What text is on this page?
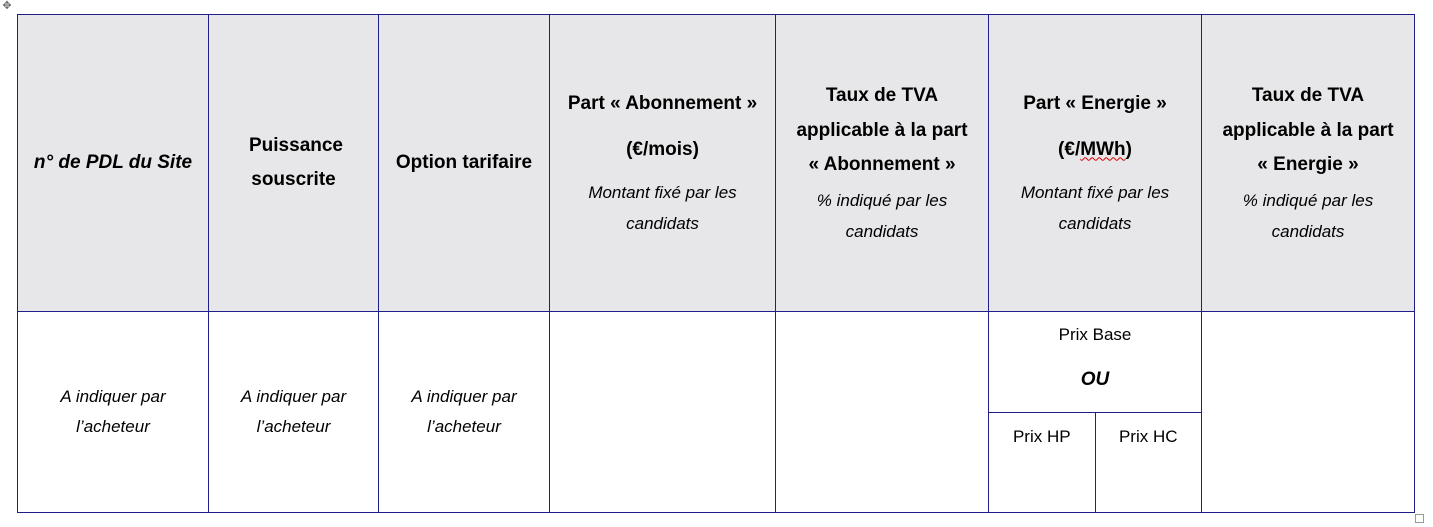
✥
n° de PDL du Site	Puissance souscrite	Option tarifaire	Part « Abonnement »
(€/mois)
Montant fixé par les candidats	Taux de TVA applicable à la part « Abonnement »
% indiqué par les candidats	Part « Energie »
(€/MWh)
Montant fixé par les candidats	Taux de TVA applicable à la part « Energie »
% indiqué par les candidats

A indiquer par l’acheteur	A indiquer par l’acheteur	A indiquer par l’acheteur			Prix Base
OU
Prix HP Prix HC	
